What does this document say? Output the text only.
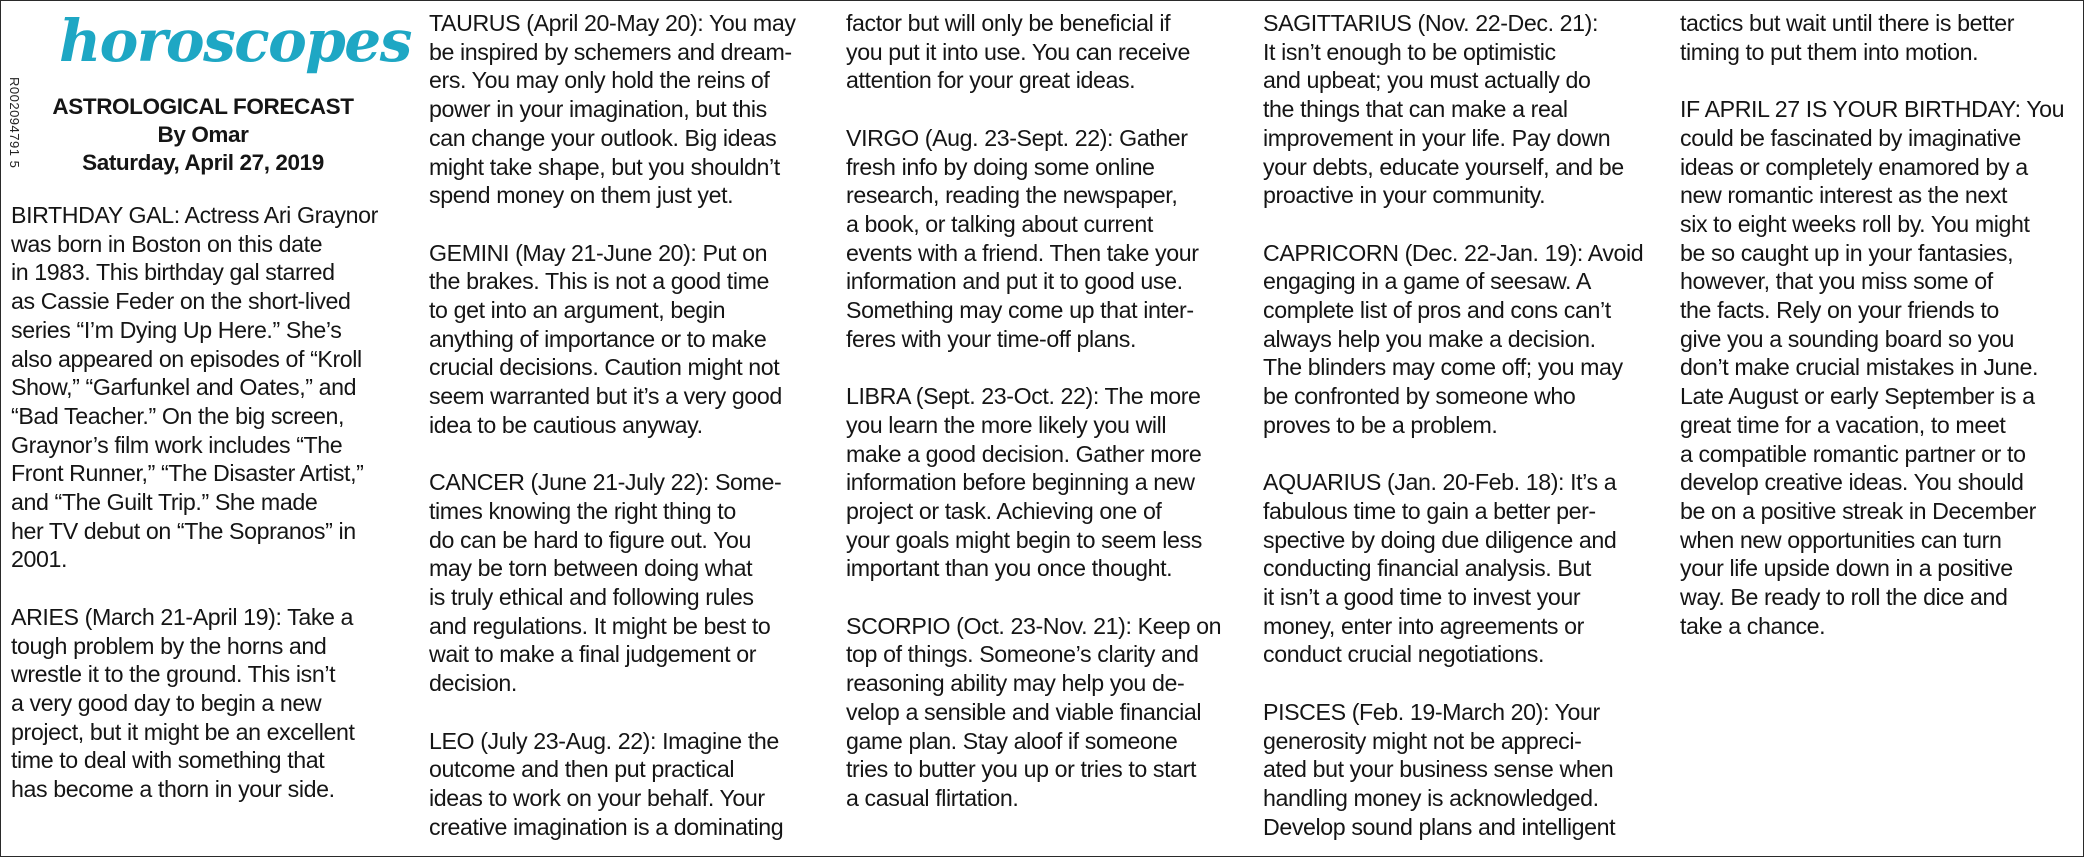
horoscopes
R002094791 5	ASTROLOGICAL FORECAST
By Omar
Saturday, April 27, 2019

BIRTHDAY GAL: Actress Ari Graynor
was born in Boston on this date
in 1983. This birthday gal starred
as Cassie Feder on the short-lived
series “I’m Dying Up Here.” She’s
also appeared on episodes of “Kroll
Show,” “Garfunkel and Oates,” and
“Bad Teacher.” On the big screen,
Graynor’s film work includes “The
Front Runner,” “The Disaster Artist,”
and “The Guilt Trip.” She made
her TV debut on “The Sopranos” in
2001.

ARIES (March 21-April 19): Take a
tough problem by the horns and
wrestle it to the ground. This isn’t
a very good day to begin a new
project, but it might be an excellent
time to deal with something that
has become a thorn in your side.

TAURUS (April 20-May 20): You may
be inspired by schemers and dream-
ers. You may only hold the reins of
power in your imagination, but this
can change your outlook. Big ideas
might take shape, but you shouldn’t
spend money on them just yet.

GEMINI (May 21-June 20): Put on
the brakes. This is not a good time
to get into an argument, begin
anything of importance or to make
crucial decisions. Caution might not
seem warranted but it’s a very good
idea to be cautious anyway.

CANCER (June 21-July 22): Some-
times knowing the right thing to
do can be hard to figure out. You
may be torn between doing what
is truly ethical and following rules
and regulations. It might be best to
wait to make a final judgement or
decision.

LEO (July 23-Aug. 22): Imagine the
outcome and then put practical
ideas to work on your behalf. Your
creative imagination is a dominating

factor but will only be beneficial if
you put it into use. You can receive
attention for your great ideas.

VIRGO (Aug. 23-Sept. 22): Gather
fresh info by doing some online
research, reading the newspaper,
a book, or talking about current
events with a friend. Then take your
information and put it to good use.
Something may come up that inter-
feres with your time-off plans.

LIBRA (Sept. 23-Oct. 22): The more
you learn the more likely you will
make a good decision. Gather more
information before beginning a new
project or task. Achieving one of
your goals might begin to seem less
important than you once thought.

SCORPIO (Oct. 23-Nov. 21): Keep on
top of things. Someone’s clarity and
reasoning ability may help you de-
velop a sensible and viable financial
game plan. Stay aloof if someone
tries to butter you up or tries to start
a casual flirtation.

SAGITTARIUS (Nov. 22-Dec. 21):
It isn’t enough to be optimistic
and upbeat; you must actually do
the things that can make a real
improvement in your life. Pay down
your debts, educate yourself, and be
proactive in your community.

CAPRICORN (Dec. 22-Jan. 19): Avoid
engaging in a game of seesaw. A
complete list of pros and cons can’t
always help you make a decision.
The blinders may come off; you may
be confronted by someone who
proves to be a problem.

AQUARIUS (Jan. 20-Feb. 18): It’s a
fabulous time to gain a better per-
spective by doing due diligence and
conducting financial analysis. But
it isn’t a good time to invest your
money, enter into agreements or
conduct crucial negotiations.

PISCES (Feb. 19-March 20): Your
generosity might not be appreci-
ated but your business sense when
handling money is acknowledged.
Develop sound plans and intelligent

tactics but wait until there is better
timing to put them into motion.

IF APRIL 27 IS YOUR BIRTHDAY: You
could be fascinated by imaginative
ideas or completely enamored by a
new romantic interest as the next
six to eight weeks roll by. You might
be so caught up in your fantasies,
however, that you miss some of
the facts. Rely on your friends to
give you a sounding board so you
don’t make crucial mistakes in June.
Late August or early September is a
great time for a vacation, to meet
a compatible romantic partner or to
develop creative ideas. You should
be on a positive streak in December
when new opportunities can turn
your life upside down in a positive
way. Be ready to roll the dice and
take a chance.
